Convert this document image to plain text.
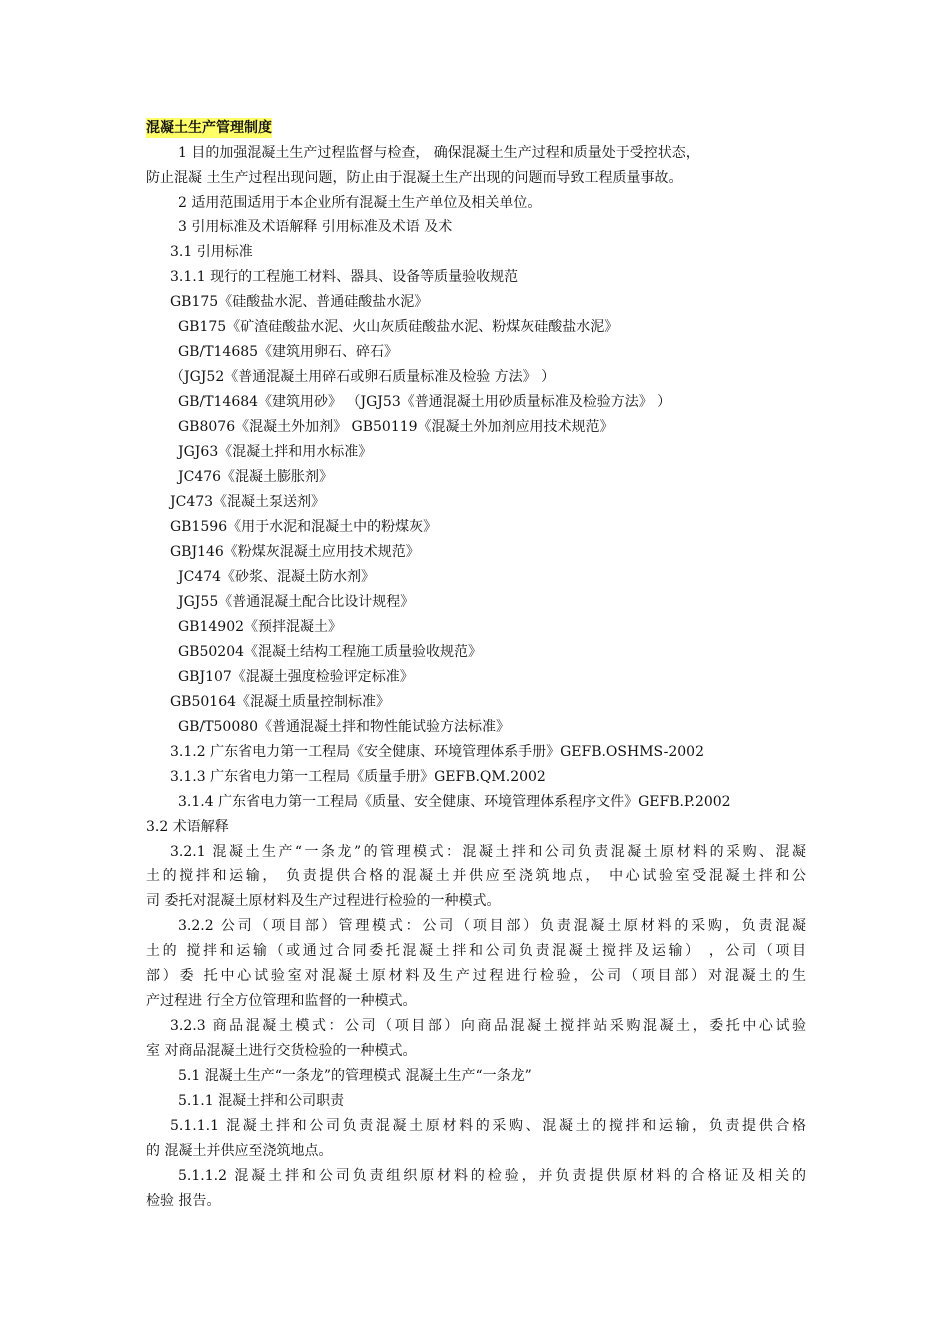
混凝土生产管理制度
1 目的加强混凝土生产过程监督与检查， 确保混凝土生产过程和质量处于受控状态，
防止混凝 土生产过程出现问题，防止由于混凝土生产出现的问题而导致工程质量事故。
2 适用范围适用于本企业所有混凝土生产单位及相关单位。
3 引用标准及术语解释 引用标准及术语 及术
3.1 引用标准
3.1.1 现行的工程施工材料、器具、设备等质量验收规范
GB175《硅酸盐水泥、普通硅酸盐水泥》
GB175《矿渣硅酸盐水泥、火山灰质硅酸盐水泥、粉煤灰硅酸盐水泥》
GB/T14685《建筑用卵石、碎石》
（JGJ52《普通混凝土用碎石或卵石质量标准及检验 方法》 ）
GB/T14684《建筑用砂》 （JGJ53《普通混凝土用砂质量标准及检验方法》 ）
GB8076《混凝土外加剂》 GB50119《混凝土外加剂应用技术规范》
JGJ63《混凝土拌和用水标准》
JC476《混凝土膨胀剂》
JC473《混凝土泵送剂》
GB1596《用于水泥和混凝土中的粉煤灰》
GBJ146《粉煤灰混凝土应用技术规范》
JC474《砂浆、混凝土防水剂》
JGJ55《普通混凝土配合比设计规程》
GB14902《预拌混凝土》
GB50204《混凝土结构工程施工质量验收规范》
GBJ107《混凝土强度检验评定标准》
GB50164《混凝土质量控制标准》
GB/T50080《普通混凝土拌和物性能试验方法标准》
3.1.2 广东省电力第一工程局《安全健康、环境管理体系手册》GEFB.OSHMS-2002
3.1.3 广东省电力第一工程局《质量手册》GEFB.QM.2002
3.1.4 广东省电力第一工程局《质量、安全健康、环境管理体系程序文件》GEFB.P.2002
3.2 术语解释
3.2.1 混凝土生产“一条龙”的管理模式：混凝土拌和公司负责混凝土原材料的采购、混凝
土的搅拌和运输， 负责提供合格的混凝土并供应至浇筑地点， 中心试验室受混凝土拌和公
司 委托对混凝土原材料及生产过程进行检验的一种模式。
3.2.2 公司（项目部）管理模式：公司（项目部）负责混凝土原材料的采购，负责混凝
土的 搅拌和运输（或通过合同委托混凝土拌和公司负责混凝土搅拌及运输） ，公司（项目
部）委 托中心试验室对混凝土原材料及生产过程进行检验，公司（项目部）对混凝土的生
产过程进 行全方位管理和监督的一种模式。
3.2.3 商品混凝土模式：公司（项目部）向商品混凝土搅拌站采购混凝土，委托中心试验
室 对商品混凝土进行交货检验的一种模式。
5.1 混凝土生产“一条龙”的管理模式 混凝土生产“一条龙”
5.1.1 混凝土拌和公司职责
5.1.1.1 混凝土拌和公司负责混凝土原材料的采购、混凝土的搅拌和运输，负责提供合格
的 混凝土并供应至浇筑地点。
5.1.1.2 混凝土拌和公司负责组织原材料的检验，并负责提供原材料的合格证及相关的
检验 报告。
